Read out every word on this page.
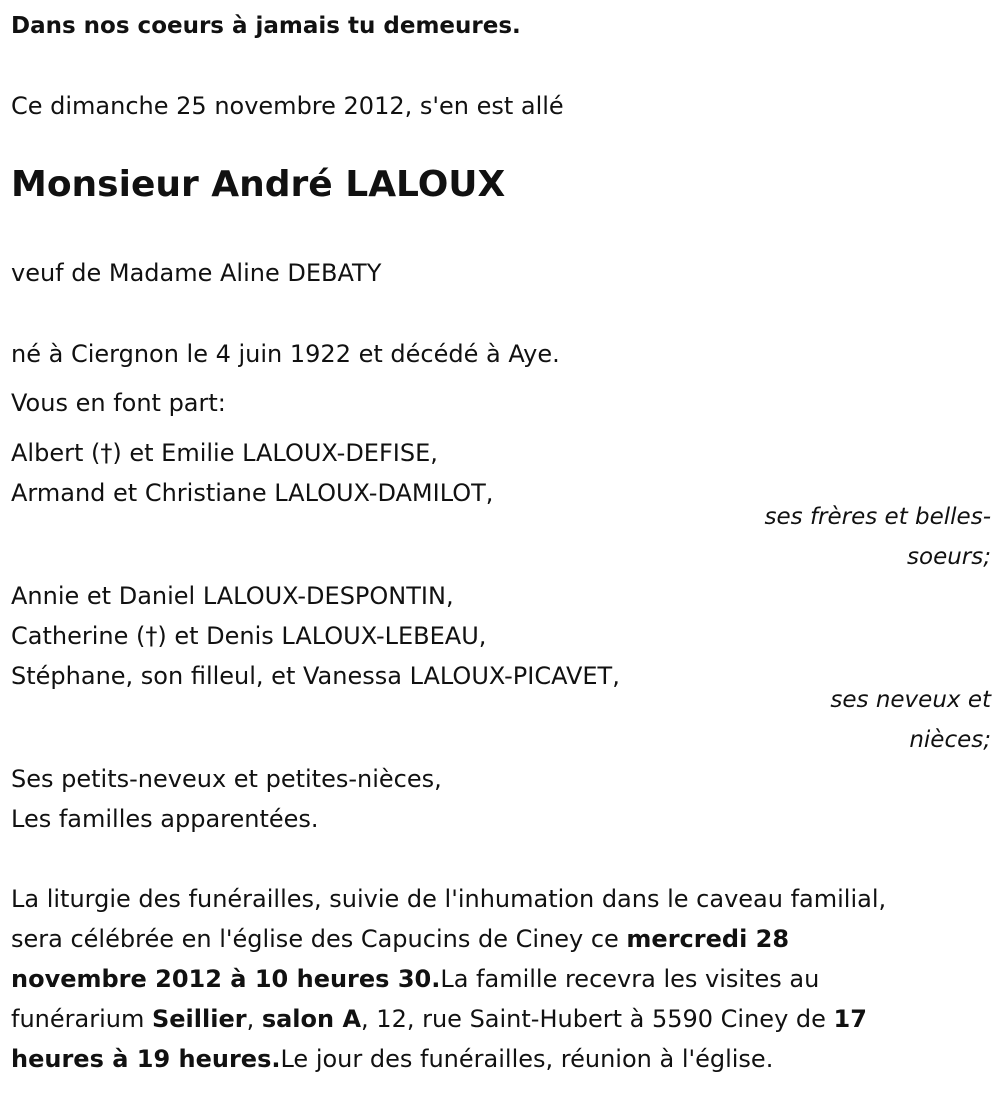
Dans nos coeurs à jamais tu demeures.
Ce dimanche 25 novembre 2012, s'en est allé
Monsieur André LALOUX
veuf de Madame Aline DEBATY
né à Ciergnon le 4 juin 1922 et décédé à Aye.
Vous en font part:
Albert (†) et Emilie LALOUX-DEFISE,
Armand et Christiane LALOUX-DAMILOT,
ses frères et belles-
soeurs;
Annie et Daniel LALOUX-DESPONTIN,
Catherine (†) et Denis LALOUX-LEBEAU,
Stéphane, son filleul, et Vanessa LALOUX-PICAVET,
ses neveux et
nièces;
Ses petits-neveux et petites-nièces,
Les familles apparentées.
La liturgie des funérailles, suivie de l'inhumation dans le caveau familial,
sera célébrée en l'église des Capucins de Ciney ce mercredi 28
novembre 2012 à 10 heures 30.La famille recevra les visites au
funérarium Seillier, salon A, 12, rue Saint-Hubert à 5590 Ciney de 17
heures à 19 heures.Le jour des funérailles, réunion à l'église.
